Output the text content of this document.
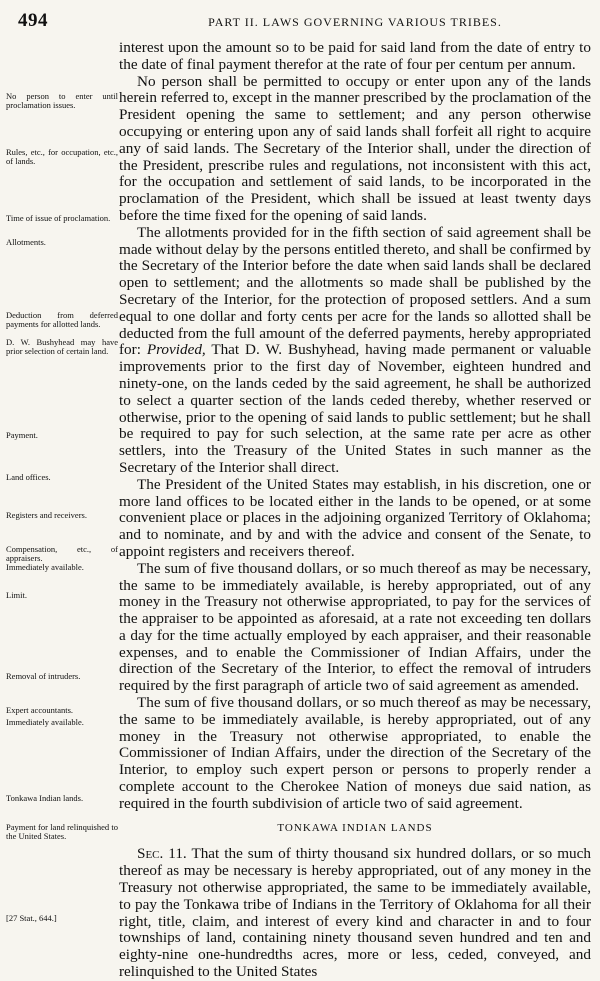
494	PART II. LAWS GOVERNING VARIOUS TRIBES.
No person to enter until proclamation issues.
Rules, etc., for occupation, etc., of lands.
Time of issue of proclamation.
Allotments.
Deduction from deferred payments for allotted lands.
D. W. Bushyhead may have prior selection of certain land.
Payment.
Land offices.
Registers and receivers.
Compensation, etc., of appraisers.
Immediately available.
Limit.
Removal of intruders.
Expert accountants.
Immediately available.
Tonkawa Indian lands.
Payment for land relinquished to the United States.
[27 Stat., 644.]

interest upon the amount so to be paid for said land from the date of entry to the date of final payment therefor at the rate of four per centum per annum.

No person shall be permitted to occupy or enter upon any of the lands herein referred to, except in the manner prescribed by the proclamation of the President opening the same to settlement; and any person otherwise occupying or entering upon any of said lands shall forfeit all right to acquire any of said lands. The Secretary of the Interior shall, under the direction of the President, prescribe rules and regulations, not inconsistent with this act, for the occupation and settlement of said lands, to be incorporated in the proclamation of the President, which shall be issued at least twenty days before the time fixed for the opening of said lands.

The allotments provided for in the fifth section of said agreement shall be made without delay by the persons entitled thereto, and shall be confirmed by the Secretary of the Interior before the date when said lands shall be declared open to settlement; and the allotments so made shall be published by the Secretary of the Interior, for the protection of proposed settlers. And a sum equal to one dollar and forty cents per acre for the lands so allotted shall be deducted from the full amount of the deferred payments, hereby appropriated for: Provided, That D. W. Bushyhead, having made permanent or valuable improvements prior to the first day of November, eighteen hundred and ninety-one, on the lands ceded by the said agreement, he shall be authorized to select a quarter section of the lands ceded thereby, whether reserved or otherwise, prior to the opening of said lands to public settlement; but he shall be required to pay for such selection, at the same rate per acre as other settlers, into the Treasury of the United States in such manner as the Secretary of the Interior shall direct.

The President of the United States may establish, in his discretion, one or more land offices to be located either in the lands to be opened, or at some convenient place or places in the adjoining organized Territory of Oklahoma; and to nominate, and by and with the advice and consent of the Senate, to appoint registers and receivers thereof.

The sum of five thousand dollars, or so much thereof as may be necessary, the same to be immediately available, is hereby appropriated, out of any money in the Treasury not otherwise appropriated, to pay for the services of the appraiser to be appointed as aforesaid, at a rate not exceeding ten dollars a day for the time actually employed by each appraiser, and their reasonable expenses, and to enable the Commissioner of Indian Affairs, under the direction of the Secretary of the Interior, to effect the removal of intruders required by the first paragraph of article two of said agreement as amended.

The sum of five thousand dollars, or so much thereof as may be necessary, the same to be immediately available, is hereby appropriated, out of any money in the Treasury not otherwise appropriated, to enable the Commissioner of Indian Affairs, under the direction of the Secretary of the Interior, to employ such expert person or persons to properly render a complete account to the Cherokee Nation of moneys due said nation, as required in the fourth subdivision of article two of said agreement.

TONKAWA INDIAN LANDS

Sec. 11. That the sum of thirty thousand six hundred dollars, or so much thereof as may be necessary is hereby appropriated, out of any money in the Treasury not otherwise appropriated, the same to be immediately available, to pay the Tonkawa tribe of Indians in the Territory of Oklahoma for all their right, title, claim, and interest of every kind and character in and to four townships of land, containing ninety thousand seven hundred and ten and eighty-nine one-hundredths acres, more or less, ceded, conveyed, and relinquished to the United States
